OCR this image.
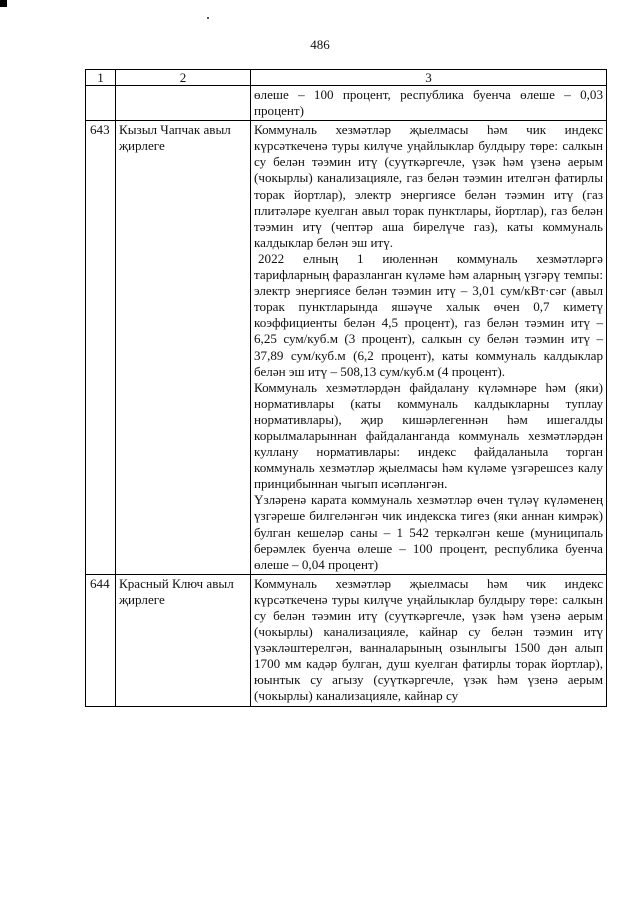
486
1	2	3

		өлеше – 100 процент, республика буенча өлеше – 0,03 процент)

643	Кызыл Чапчак авыл җирлеге	Коммуналь хезмәтләр җыелмасы һәм чик индекс күрсәткеченә туры килүче уңайлыклар булдыру төре: салкын су белән тәэмин итү (суүткәргечле, үзәк һәм үзенә аерым (чокырлы) канализацияле, газ белән тәэмин ителгән фатирлы торак йортлар), электр энергиясе белән тәэмин итү (газ плитәләре куелган авыл торак пунктлары, йортлар), газ белән тәэмин итү (чептәр аша бирелүче газ), каты коммуналь калдыклар белән эш итү.

2022 елның 1 июленнән коммуналь хезмәтләргә тарифларның фаразланган күләме һәм аларның үзгәрү темпы: электр энергиясе белән тәэмин итү – 3,01 сум/кВт·сәг (авыл торак пунктларында яшәүче халык өчен 0,7 киметү коэффициенты белән 4,5 процент), газ белән тәэмин итү – 6,25 сум/куб.м (3 процент), салкын су белән тәэмин итү – 37,89 сум/куб.м (6,2 процент), каты коммуналь калдыклар белән эш итү – 508,13 сум/куб.м (4 процент).

Коммуналь хезмәтләрдән файдалану күләмнәре һәм (яки) нормативлары (каты коммуналь калдыкларны туплау нормативлары), җир кишәрлегеннән һәм ишегалды корылмаларыннан файдаланганда коммуналь хезмәтләрдән куллану нормативлары: индекс файдаланыла торган коммуналь хезмәтләр җыелмасы һәм күләме үзгәрешсез калу принцибыннан чыгып исәпләнгән.

Үзләренә карата коммуналь хезмәтләр өчен түләү күләменең үзгәреше билгеләнгән чик индекска тигез (яки аннан кимрәк) булган кешеләр саны – 1 542 теркәлгән кеше (муниципаль берәмлек буенча өлеше – 100 процент, республика буенча өлеше – 0,04 процент)

644	Красный Ключ авыл җирлеге	Коммуналь хезмәтләр җыелмасы һәм чик индекс күрсәткеченә туры килүче уңайлыклар булдыру төре: салкын су белән тәэмин итү (суүткәргечле, үзәк һәм үзенә аерым (чокырлы) канализацияле, кайнар су белән тәэмин итү үзәкләштерелгән, ванналарының озынлыгы 1500 дән алып 1700 мм кадәр булган, душ куелган фатирлы торак йортлар), юынтык су агызу (суүткәргечле, үзәк һәм үзенә аерым (чокырлы) канализацияле, кайнар су
